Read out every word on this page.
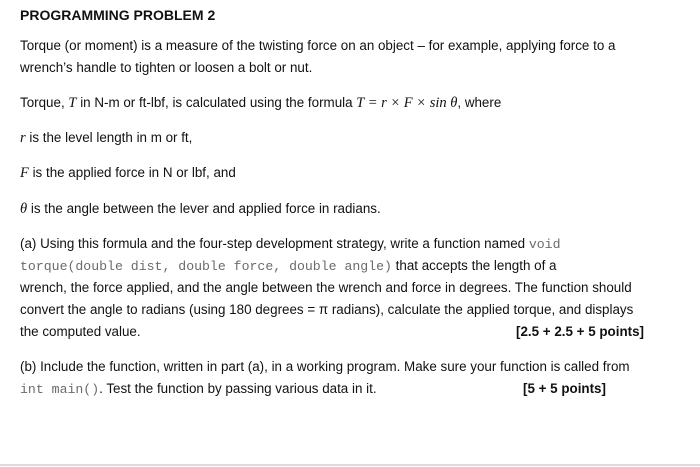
PROGRAMMING PROBLEM 2
Torque (or moment) is a measure of the twisting force on an object – for example, applying force to a
wrench’s handle to tighten or loosen a bolt or nut.
Torque, T in N-m or ft-lbf, is calculated using the formula T = r × F × sin θ, where
r is the level length in m or ft,
F is the applied force in N or lbf, and
θ is the angle between the lever and applied force in radians.
(a) Using this formula and the four-step development strategy, write a function named void
torque(double dist, double force, double angle) that accepts the length of a
wrench, the force applied, and the angle between the wrench and force in degrees. The function should
convert the angle to radians (using 180 degrees = π radians), calculate the applied torque, and displays
the computed value.	[2.5 + 2.5 + 5 points]
(b) Include the function, written in part (a), in a working program. Make sure your function is called from
int main(). Test the function by passing various data in it.	[5 + 5 points]
